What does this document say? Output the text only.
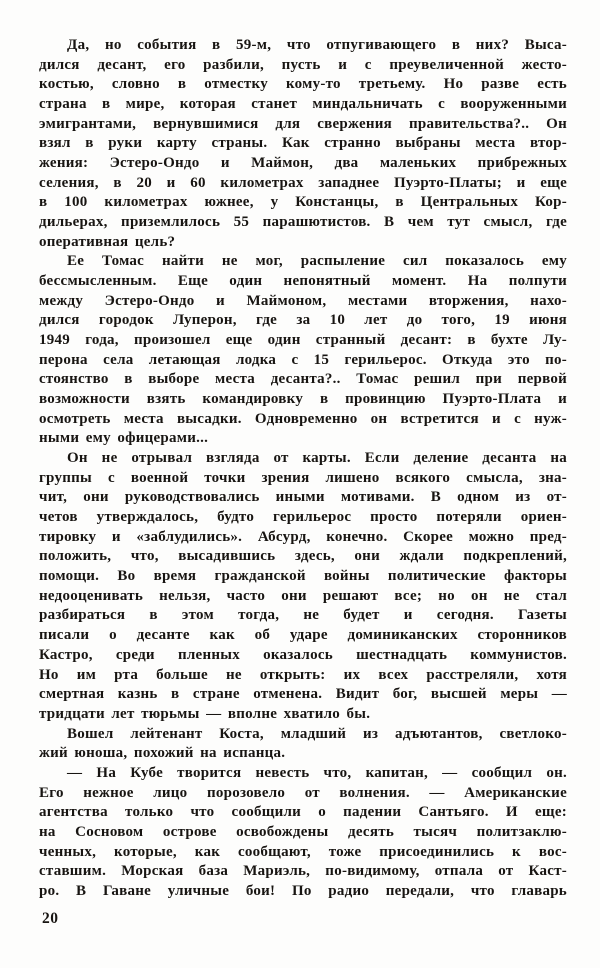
Да, но события в 59-м, что отпугивающего в них? Выса-
дился десант, его разбили, пусть и с преувеличенной жесто-
костью, словно в отместку кому-то третьему. Но разве есть
страна в мире, которая станет миндальничать с вооруженными
эмигрантами, вернувшимися для свержения правительства?.. Он
взял в руки карту страны. Как странно выбраны места втор-
жения: Эстеро-Ондо и Маймон, два маленьких прибрежных
селения, в 20 и 60 километрах западнее Пуэрто-Платы; и еще
в 100 километрах южнее, у Констанцы, в Центральных Кор-
дильерах, приземлилось 55 парашютистов. В чем тут смысл, где
оперативная цель?
Ее Томас найти не мог, распыление сил показалось ему
бессмысленным. Еще один непонятный момент. На полпути
между Эстеро-Ондо и Маймоном, местами вторжения, нахо-
дился городок Луперон, где за 10 лет до того, 19 июня
1949 года, произошел еще один странный десант: в бухте Лу-
перона села летающая лодка с 15 герильерос. Откуда это по-
стоянство в выборе места десанта?.. Томас решил при первой
возможности взять командировку в провинцию Пуэрто-Плата и
осмотреть места высадки. Одновременно он встретится и с нуж-
ными ему офицерами...
Он не отрывал взгляда от карты. Если деление десанта на
группы с военной точки зрения лишено всякого смысла, зна-
чит, они руководствовались иными мотивами. В одном из от-
четов утверждалось, будто герильерос просто потеряли ориен-
тировку и «заблудились». Абсурд, конечно. Скорее можно пред-
положить, что, высадившись здесь, они ждали подкреплений,
помощи. Во время гражданской войны политические факторы
недооценивать нельзя, часто они решают все; но он не стал
разбираться в этом тогда, не будет и сегодня. Газеты
писали о десанте как об ударе доминиканских сторонников
Кастро, среди пленных оказалось шестнадцать коммунистов.
Но им рта больше не открыть: их всех расстреляли, хотя
смертная казнь в стране отменена. Видит бог, высшей меры —
тридцати лет тюрьмы — вполне хватило бы.
Вошел лейтенант Коста, младший из адъютантов, светлоко-
жий юноша, похожий на испанца.
— На Кубе творится невесть что, капитан, — сообщил он.
Его нежное лицо порозовело от волнения. — Американские
агентства только что сообщили о падении Сантьяго. И еще:
на Сосновом острове освобождены десять тысяч политзаклю-
ченных, которые, как сообщают, тоже присоединились к вос-
ставшим. Морская база Мариэль, по-видимому, отпала от Каст-
ро. В Гаване уличные бои! По радио передали, что главарь
20
